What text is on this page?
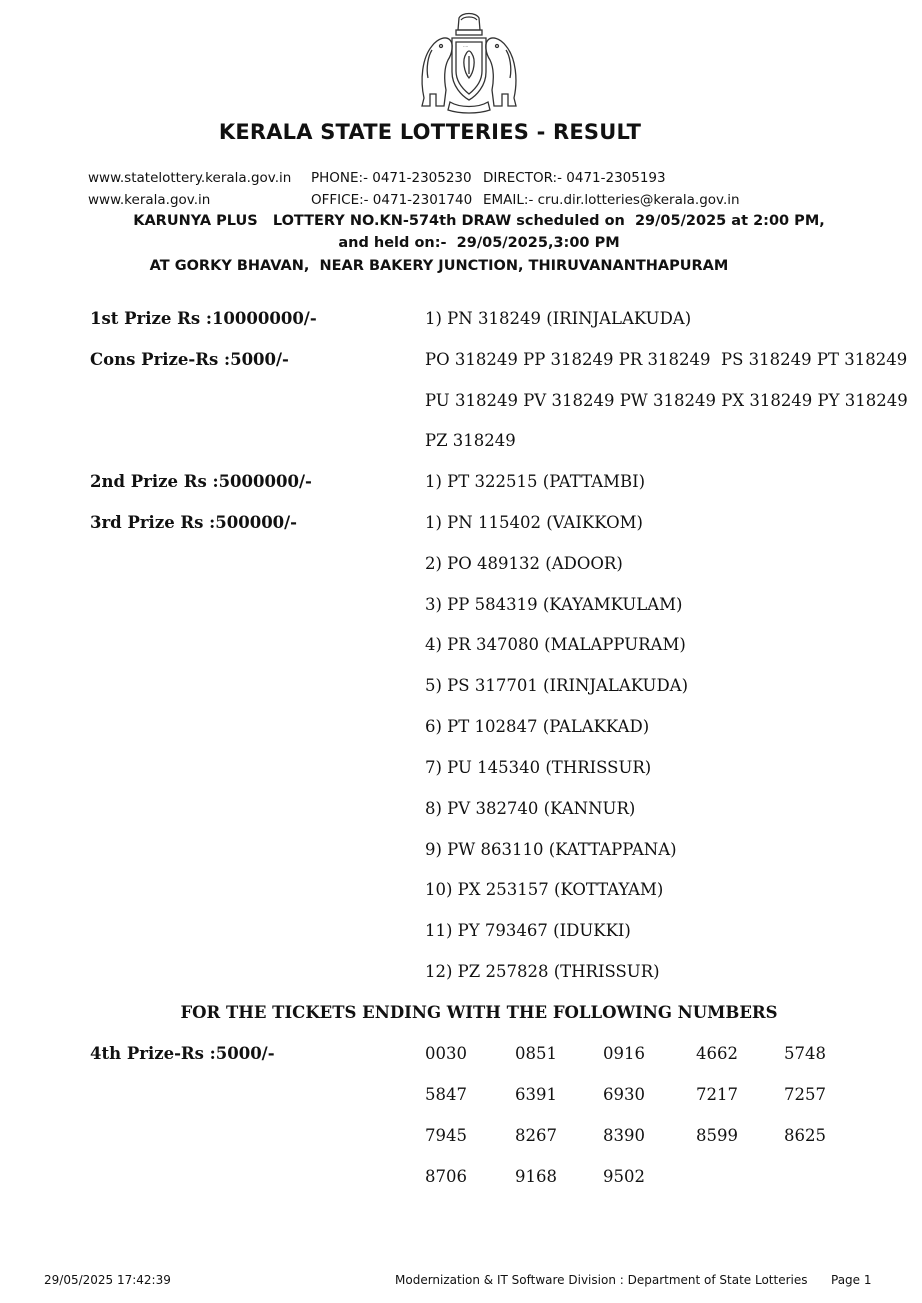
ᐧᐧᐧᐧ
KERALA STATE LOTTERIES - RESULT
www.statelottery.kerala.gov.in
www.kerala.gov.in
PHONE:- 0471-2305230
OFFICE:- 0471-2301740
DIRECTOR:- 0471-2305193
EMAIL:- cru.dir.lotteries@kerala.gov.in
KARUNYA PLUS   LOTTERY NO.KN-574th DRAW scheduled on  29/05/2025 at 2:00 PM,
and held on:-  29/05/2025,3:00 PM
AT GORKY BHAVAN,  NEAR BAKERY JUNCTION, THIRUVANANTHAPURAM
1st Prize Rs :10000000/-	1) PN 318249 (IRINJALAKUDA)
Cons Prize-Rs :5000/-	PO 318249 PP 318249 PR 318249  PS 318249 PT 318249
PU 318249 PV 318249 PW 318249 PX 318249 PY 318249
PZ 318249
2nd Prize Rs :5000000/-	1) PT 322515 (PATTAMBI)
3rd Prize Rs :500000/-	1) PN 115402 (VAIKKOM)
2) PO 489132 (ADOOR)
3) PP 584319 (KAYAMKULAM)
4) PR 347080 (MALAPPURAM)
5) PS 317701 (IRINJALAKUDA)
6) PT 102847 (PALAKKAD)
7) PU 145340 (THRISSUR)
8) PV 382740 (KANNUR)
9) PW 863110 (KATTAPPANA)
10) PX 253157 (KOTTAYAM)
11) PY 793467 (IDUKKI)
12) PZ 257828 (THRISSUR)
FOR THE TICKETS ENDING WITH THE FOLLOWING NUMBERS
4th Prize-Rs :5000/-	0030	0851	0916	4662	5748
5847	6391	6930	7217	7257
7945	8267	8390	8599	8625
8706	9168	9502
29/05/2025 17:42:39	Modernization & IT Software Division : Department of State Lotteries Page 1
